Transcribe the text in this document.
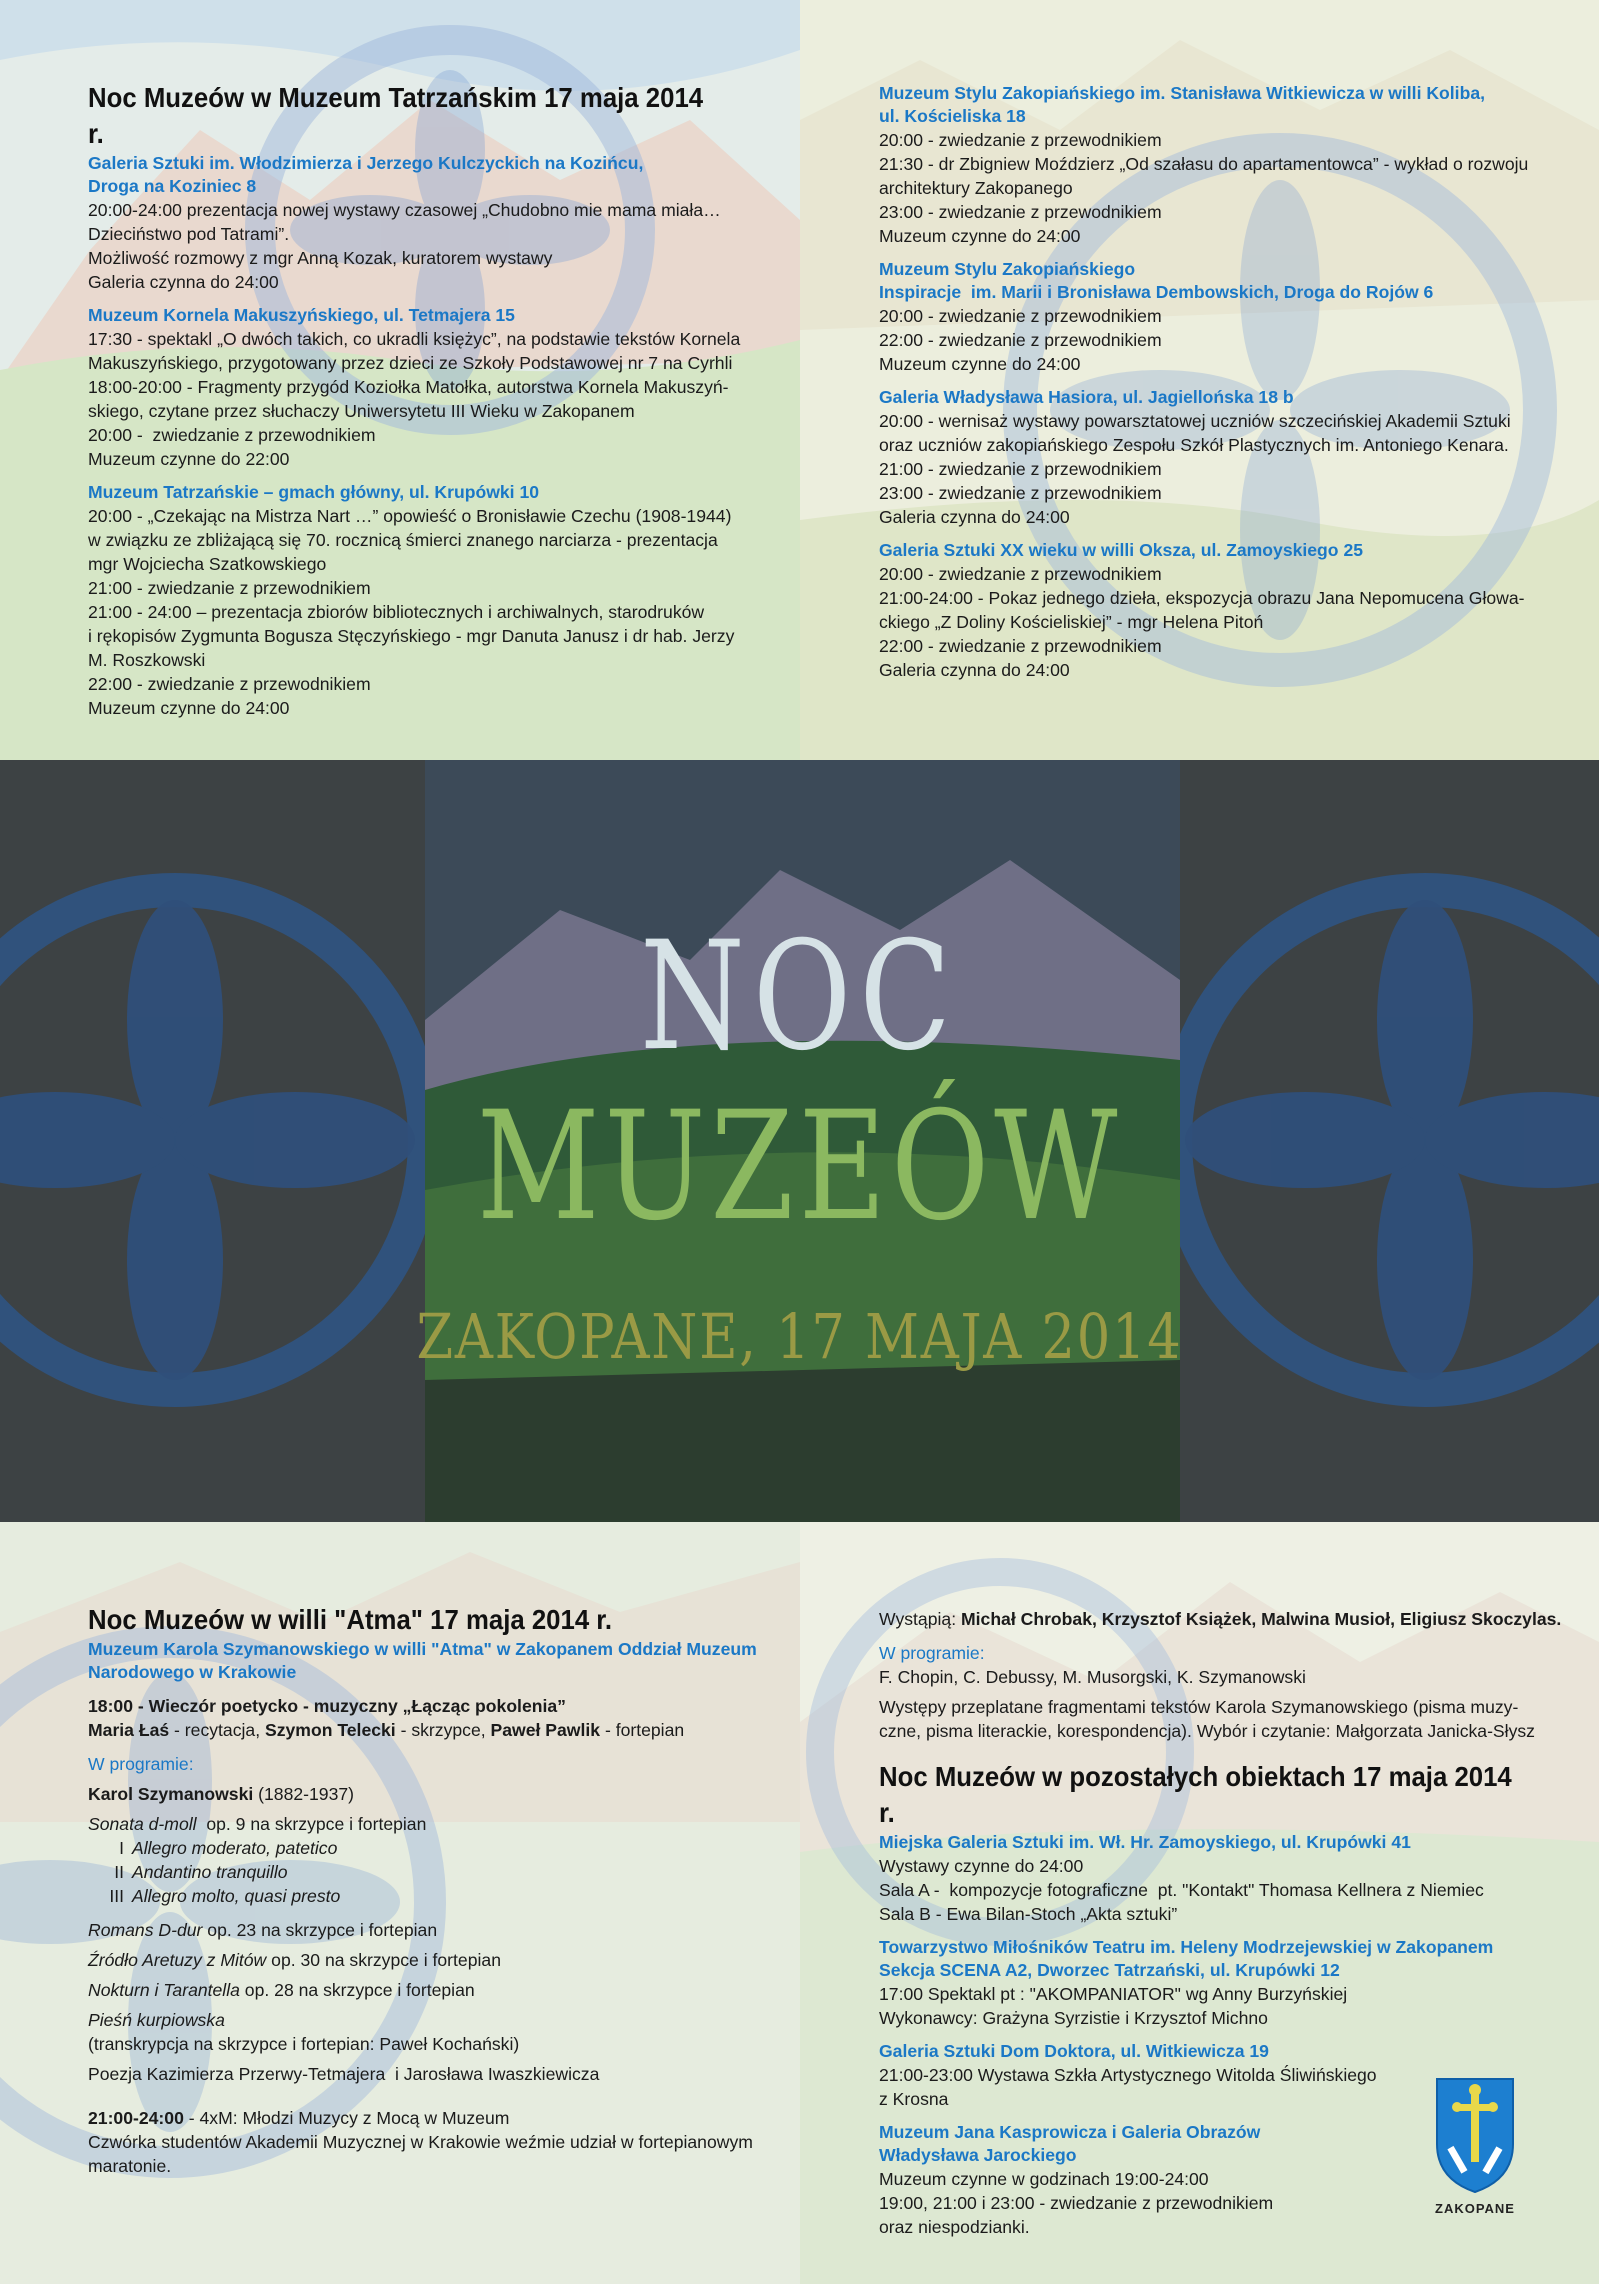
NOC
MUZEÓW
ZAKOPANE, 17 MAJA 2014

Noc Muzeów w Muzeum Tatrzańskim 17 maja 2014 r.

Galeria Sztuki im. Włodzimierza i Jerzego Kulczyckich na Kozińcu,

Droga na Koziniec 8

20:00-24:00 prezentacja nowej wystawy czasowej „Chudobno mie mama miała…

Dzieciństwo pod Tatrami”.

Możliwość rozmowy z mgr Anną Kozak, kuratorem wystawy

Galeria czynna do 24:00

Muzeum Kornela Makuszyńskiego, ul. Tetmajera 15

17:30 - spektakl „O dwóch takich, co ukradli księżyc”, na podstawie tekstów Kornela

Makuszyńskiego, przygotowany przez dzieci ze Szkoły Podstawowej nr 7 na Cyrhli

18:00-20:00 - Fragmenty przygód Koziołka Matołka, autorstwa Kornela Makuszyń-

skiego, czytane przez słuchaczy Uniwersytetu III Wieku w Zakopanem

20:00 -  zwiedzanie z przewodnikiem

Muzeum czynne do 22:00

Muzeum Tatrzańskie – gmach główny, ul. Krupówki 10

20:00 - „Czekając na Mistrza Nart …” opowieść o Bronisławie Czechu (1908-1944)

w związku ze zbliżającą się 70. rocznicą śmierci znanego narciarza - prezentacja

mgr Wojciecha Szatkowskiego

21:00 - zwiedzanie z przewodnikiem

21:00 - 24:00 – prezentacja zbiorów bibliotecznych i archiwalnych, starodruków

i rękopisów Zygmunta Bogusza Stęczyńskiego - mgr Danuta Janusz i dr hab. Jerzy

M. Roszkowski

22:00 - zwiedzanie z przewodnikiem

Muzeum czynne do 24:00

Muzeum Stylu Zakopiańskiego im. Stanisława Witkiewicza w willi Koliba,

ul. Kościeliska 18

20:00 - zwiedzanie z przewodnikiem

21:30 - dr Zbigniew Moździerz „Od szałasu do apartamentowca” - wykład o rozwoju

architektury Zakopanego

23:00 - zwiedzanie z przewodnikiem

Muzeum czynne do 24:00

Muzeum Stylu Zakopiańskiego

Inspiracje  im. Marii i Bronisława Dembowskich, Droga do Rojów 6

20:00 - zwiedzanie z przewodnikiem

22:00 - zwiedzanie z przewodnikiem

Muzeum czynne do 24:00

Galeria Władysława Hasiora, ul. Jagiellońska 18 b

20:00 - wernisaż wystawy powarsztatowej uczniów szczecińskiej Akademii Sztuki

oraz uczniów zakopiańskiego Zespołu Szkół Plastycznych im. Antoniego Kenara.

21:00 - zwiedzanie z przewodnikiem

23:00 - zwiedzanie z przewodnikiem

Galeria czynna do 24:00

Galeria Sztuki XX wieku w willi Oksza, ul. Zamoyskiego 25

20:00 - zwiedzanie z przewodnikiem

21:00-24:00 - Pokaz jednego dzieła, ekspozycja obrazu Jana Nepomucena Głowa-

ckiego „Z Doliny Kościeliskiej” - mgr Helena Pitoń

22:00 - zwiedzanie z przewodnikiem

Galeria czynna do 24:00

Noc Muzeów w willi "Atma" 17 maja 2014 r.

Muzeum Karola Szymanowskiego w willi "Atma" w Zakopanem Oddział Muzeum

Narodowego w Krakowie

18:00 - Wieczór poetycko - muzyczny „Łącząc pokolenia”

Maria Łaś - recytacja, Szymon Telecki - skrzypce, Paweł Pawlik - fortepian

W programie:

Karol Szymanowski (1882-1937)

Sonata d-moll  op. 9 na skrzypce i fortepian

I Allegro moderato, patetico

II Andantino tranquillo

III Allegro molto, quasi presto

Romans D-dur op. 23 na skrzypce i fortepian

Źródło Aretuzy z Mitów op. 30 na skrzypce i fortepian

Nokturn i Tarantella op. 28 na skrzypce i fortepian

Pieśń kurpiowska

(transkrypcja na skrzypce i fortepian: Paweł Kochański)

Poezja Kazimierza Przerwy-Tetmajera  i Jarosława Iwaszkiewicza

21:00-24:00 - 4xM: Młodzi Muzycy z Mocą w Muzeum

Czwórka studentów Akademii Muzycznej w Krakowie weźmie udział w fortepianowym

maratonie.

Wystąpią: Michał Chrobak, Krzysztof Książek, Malwina Musioł, Eligiusz Skoczylas.

W programie:

F. Chopin, C. Debussy, M. Musorgski, K. Szymanowski

Występy przeplatane fragmentami tekstów Karola Szymanowskiego (pisma muzy-

czne, pisma literackie, korespondencja). Wybór i czytanie: Małgorzata Janicka-Słysz

Noc Muzeów w pozostałych obiektach 17 maja 2014 r.

Miejska Galeria Sztuki im. Wł. Hr. Zamoyskiego, ul. Krupówki 41

Wystawy czynne do 24:00

Sala A -  kompozycje fotograficzne  pt. "Kontakt" Thomasa Kellnera z Niemiec

Sala B - Ewa Bilan-Stoch „Akta sztuki”

Towarzystwo Miłośników Teatru im. Heleny Modrzejewskiej w Zakopanem

Sekcja SCENA A2, Dworzec Tatrzański, ul. Krupówki 12

17:00 Spektakl pt : "AKOMPANIATOR" wg Anny Burzyńskiej

Wykonawcy: Grażyna Syrzistie i Krzysztof Michno

Galeria Sztuki Dom Doktora, ul. Witkiewicza 19

21:00-23:00 Wystawa Szkła Artystycznego Witolda Śliwińskiego

z Krosna

Muzeum Jana Kasprowicza i Galeria Obrazów

Władysława Jarockiego

Muzeum czynne w godzinach 19:00-24:00

19:00, 21:00 i 23:00 - zwiedzanie z przewodnikiem

oraz niespodzianki.

ZAKOPANE
